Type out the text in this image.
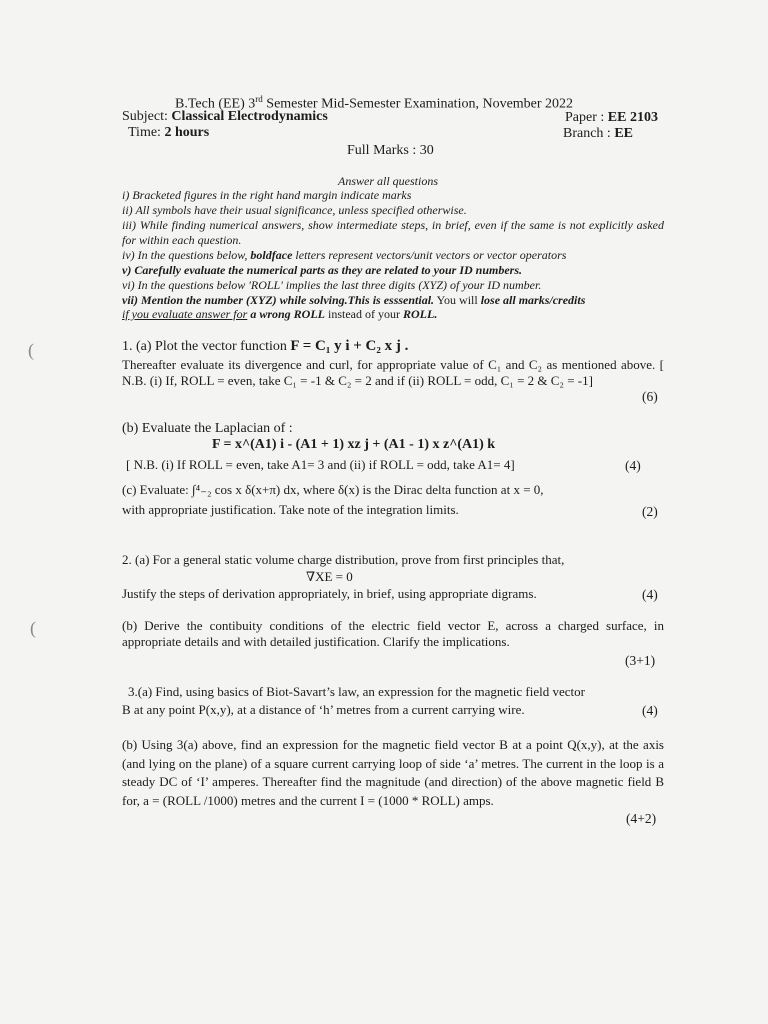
(
(
B.Tech (EE) 3rd Semester Mid-Semester Examination, November 2022
Subject: Classical Electrodynamics	Paper : EE 2103
Time: 2 hours	Branch : EE
Full Marks : 30
Answer all questions
i) Bracketed figures in the right hand margin indicate marks
ii) All symbols have their usual significance, unless specified otherwise.
iii) While finding numerical answers, show intermediate steps, in brief, even if the same is not explicitly asked for within each question.
iv) In the questions below, boldface letters represent vectors/unit vectors or vector operators
v) Carefully evaluate the numerical parts as they are related to your ID numbers.
vi) In the questions below 'ROLL' implies the last three digits (XYZ) of your ID number.
vii) Mention the number (XYZ) while solving.This is esssential. You will lose all marks/credits
if you evaluate answer for a wrong ROLL instead of your ROLL.
1. (a) Plot the vector function F = C₁ y i + C₂ x j .
Thereafter evaluate its divergence and curl, for appropriate value of C₁ and C₂ as mentioned above. [ N.B. (i) If, ROLL = even, take C₁ = -1 & C₂ = 2 and if (ii) ROLL = odd, C₁ = 2 & C₂ = -1]
(6)
(b) Evaluate the Laplacian of :
F = x^(A1) i - (A1 + 1) xz j + (A1 - 1) x z^(A1) k
[ N.B. (i) If ROLL = even, take A1= 3 and (ii) if ROLL = odd, take A1= 4]	(4)
(c) Evaluate: ∫⁴₋₂ cos x δ(x+π) dx, where δ(x) is the Dirac delta function at x = 0,
with appropriate justification. Take note of the integration limits.	(2)
2. (a) For a general static volume charge distribution, prove from first principles that,
∇XE = 0
Justify the steps of derivation appropriately, in brief, using appropriate digrams.	(4)
(b) Derive the contibuity conditions of the electric field vector E, across a charged surface, in appropriate details and with detailed justification. Clarify the implications.
(3+1)
3.(a) Find, using basics of Biot-Savart’s law, an expression for the magnetic field vector
B at any point P(x,y), at a distance of ‘h’ metres from a current carrying wire.	(4)
(b) Using 3(a) above, find an expression for the magnetic field vector B at a point Q(x,y), at the axis (and lying on the plane) of a square current carrying loop of side ‘a’ metres. The current in the loop is a steady DC of ‘I’ amperes. Thereafter find the magnitude (and direction) of the above magnetic field B for, a = (ROLL /1000) metres and the current I = (1000 * ROLL) amps.
(4+2)
